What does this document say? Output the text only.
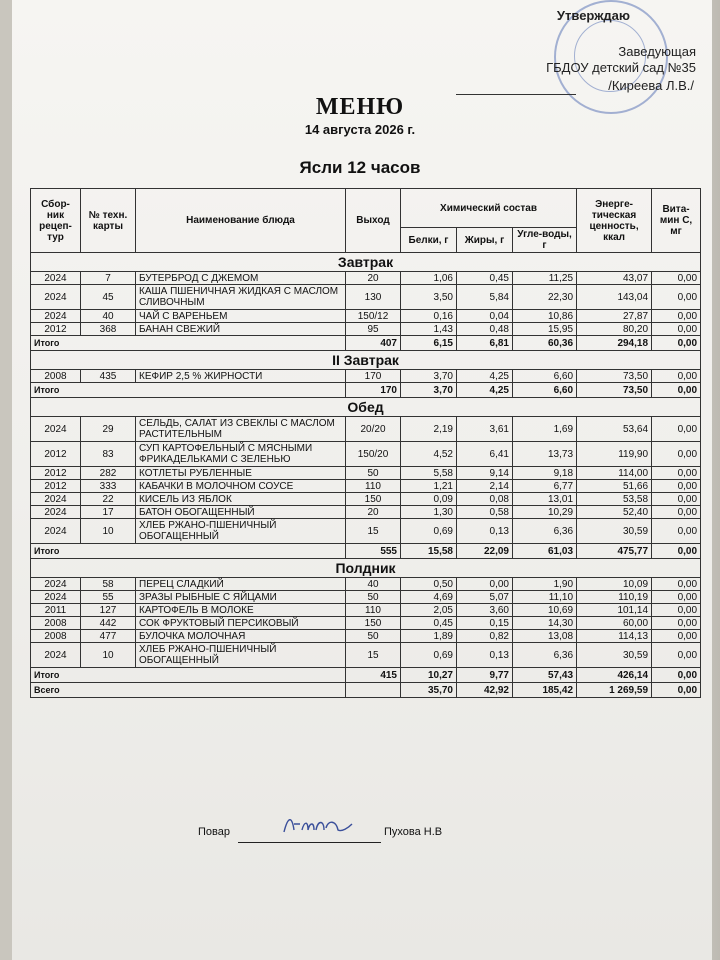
Утверждаю
Заведующая
ГБДОУ детский сад №35
/Киреева Л.В./
МЕНЮ
14 августа 2026 г.
Ясли 12 часов
Сбор-ник рецеп-тур	№ техн. карты	Наименование блюда	Выход	Химический состав			Энерге-тическая ценность, ккал	Вита-мин С, мг
				Белки, г	Жиры, г	Угле-воды, г		
Завтрак								
2024	7	БУТЕРБРОД С ДЖЕМОМ	20	1,06	0,45	11,25	43,07	0,00
2024	45	КАША ПШЕНИЧНАЯ ЖИДКАЯ С МАСЛОМ СЛИВОЧНЫМ	130	3,50	5,84	22,30	143,04	0,00
2024	40	ЧАЙ С ВАРЕНЬЕМ	150/12	0,16	0,04	10,86	27,87	0,00
2012	368	БАНАН СВЕЖИЙ	95	1,43	0,48	15,95	80,20	0,00
Итого			407	6,15	6,81	60,36	294,18	0,00
II Завтрак								
2008	435	КЕФИР 2,5 % ЖИРНОСТИ	170	3,70	4,25	6,60	73,50	0,00
Итого			170	3,70	4,25	6,60	73,50	0,00
Обед								
2024	29	СЕЛЬДЬ, САЛАТ ИЗ СВЕКЛЫ С МАСЛОМ РАСТИТЕЛЬНЫМ	20/20	2,19	3,61	1,69	53,64	0,00
2012	83	СУП КАРТОФЕЛЬНЫЙ С МЯСНЫМИ ФРИКАДЕЛЬКАМИ С ЗЕЛЕНЬЮ	150/20	4,52	6,41	13,73	119,90	0,00
2012	282	КОТЛЕТЫ РУБЛЕННЫЕ	50	5,58	9,14	9,18	114,00	0,00
2012	333	КАБАЧКИ В МОЛОЧНОМ СОУСЕ	110	1,21	2,14	6,77	51,66	0,00
2024	22	КИСЕЛЬ ИЗ ЯБЛОК	150	0,09	0,08	13,01	53,58	0,00
2024	17	БАТОН ОБОГАЩЕННЫЙ	20	1,30	0,58	10,29	52,40	0,00
2024	10	ХЛЕБ РЖАНО-ПШЕНИЧНЫЙ ОБОГАЩЕННЫЙ	15	0,69	0,13	6,36	30,59	0,00
Итого			555	15,58	22,09	61,03	475,77	0,00
Полдник								
2024	58	ПЕРЕЦ СЛАДКИЙ	40	0,50	0,00	1,90	10,09	0,00
2024	55	ЗРАЗЫ РЫБНЫЕ С ЯЙЦАМИ	50	4,69	5,07	11,10	110,19	0,00
2011	127	КАРТОФЕЛЬ В МОЛОКЕ	110	2,05	3,60	10,69	101,14	0,00
2008	442	СОК ФРУКТОВЫЙ ПЕРСИКОВЫЙ	150	0,45	0,15	14,30	60,00	0,00
2008	477	БУЛОЧКА МОЛОЧНАЯ	50	1,89	0,82	13,08	114,13	0,00
2024	10	ХЛЕБ РЖАНО-ПШЕНИЧНЫЙ ОБОГАЩЕННЫЙ	15	0,69	0,13	6,36	30,59	0,00
Итого			415	10,27	9,77	57,43	426,14	0,00
Всего				35,70	42,92	185,42	1 269,59	0,00
Повар	Пухова Н.В
